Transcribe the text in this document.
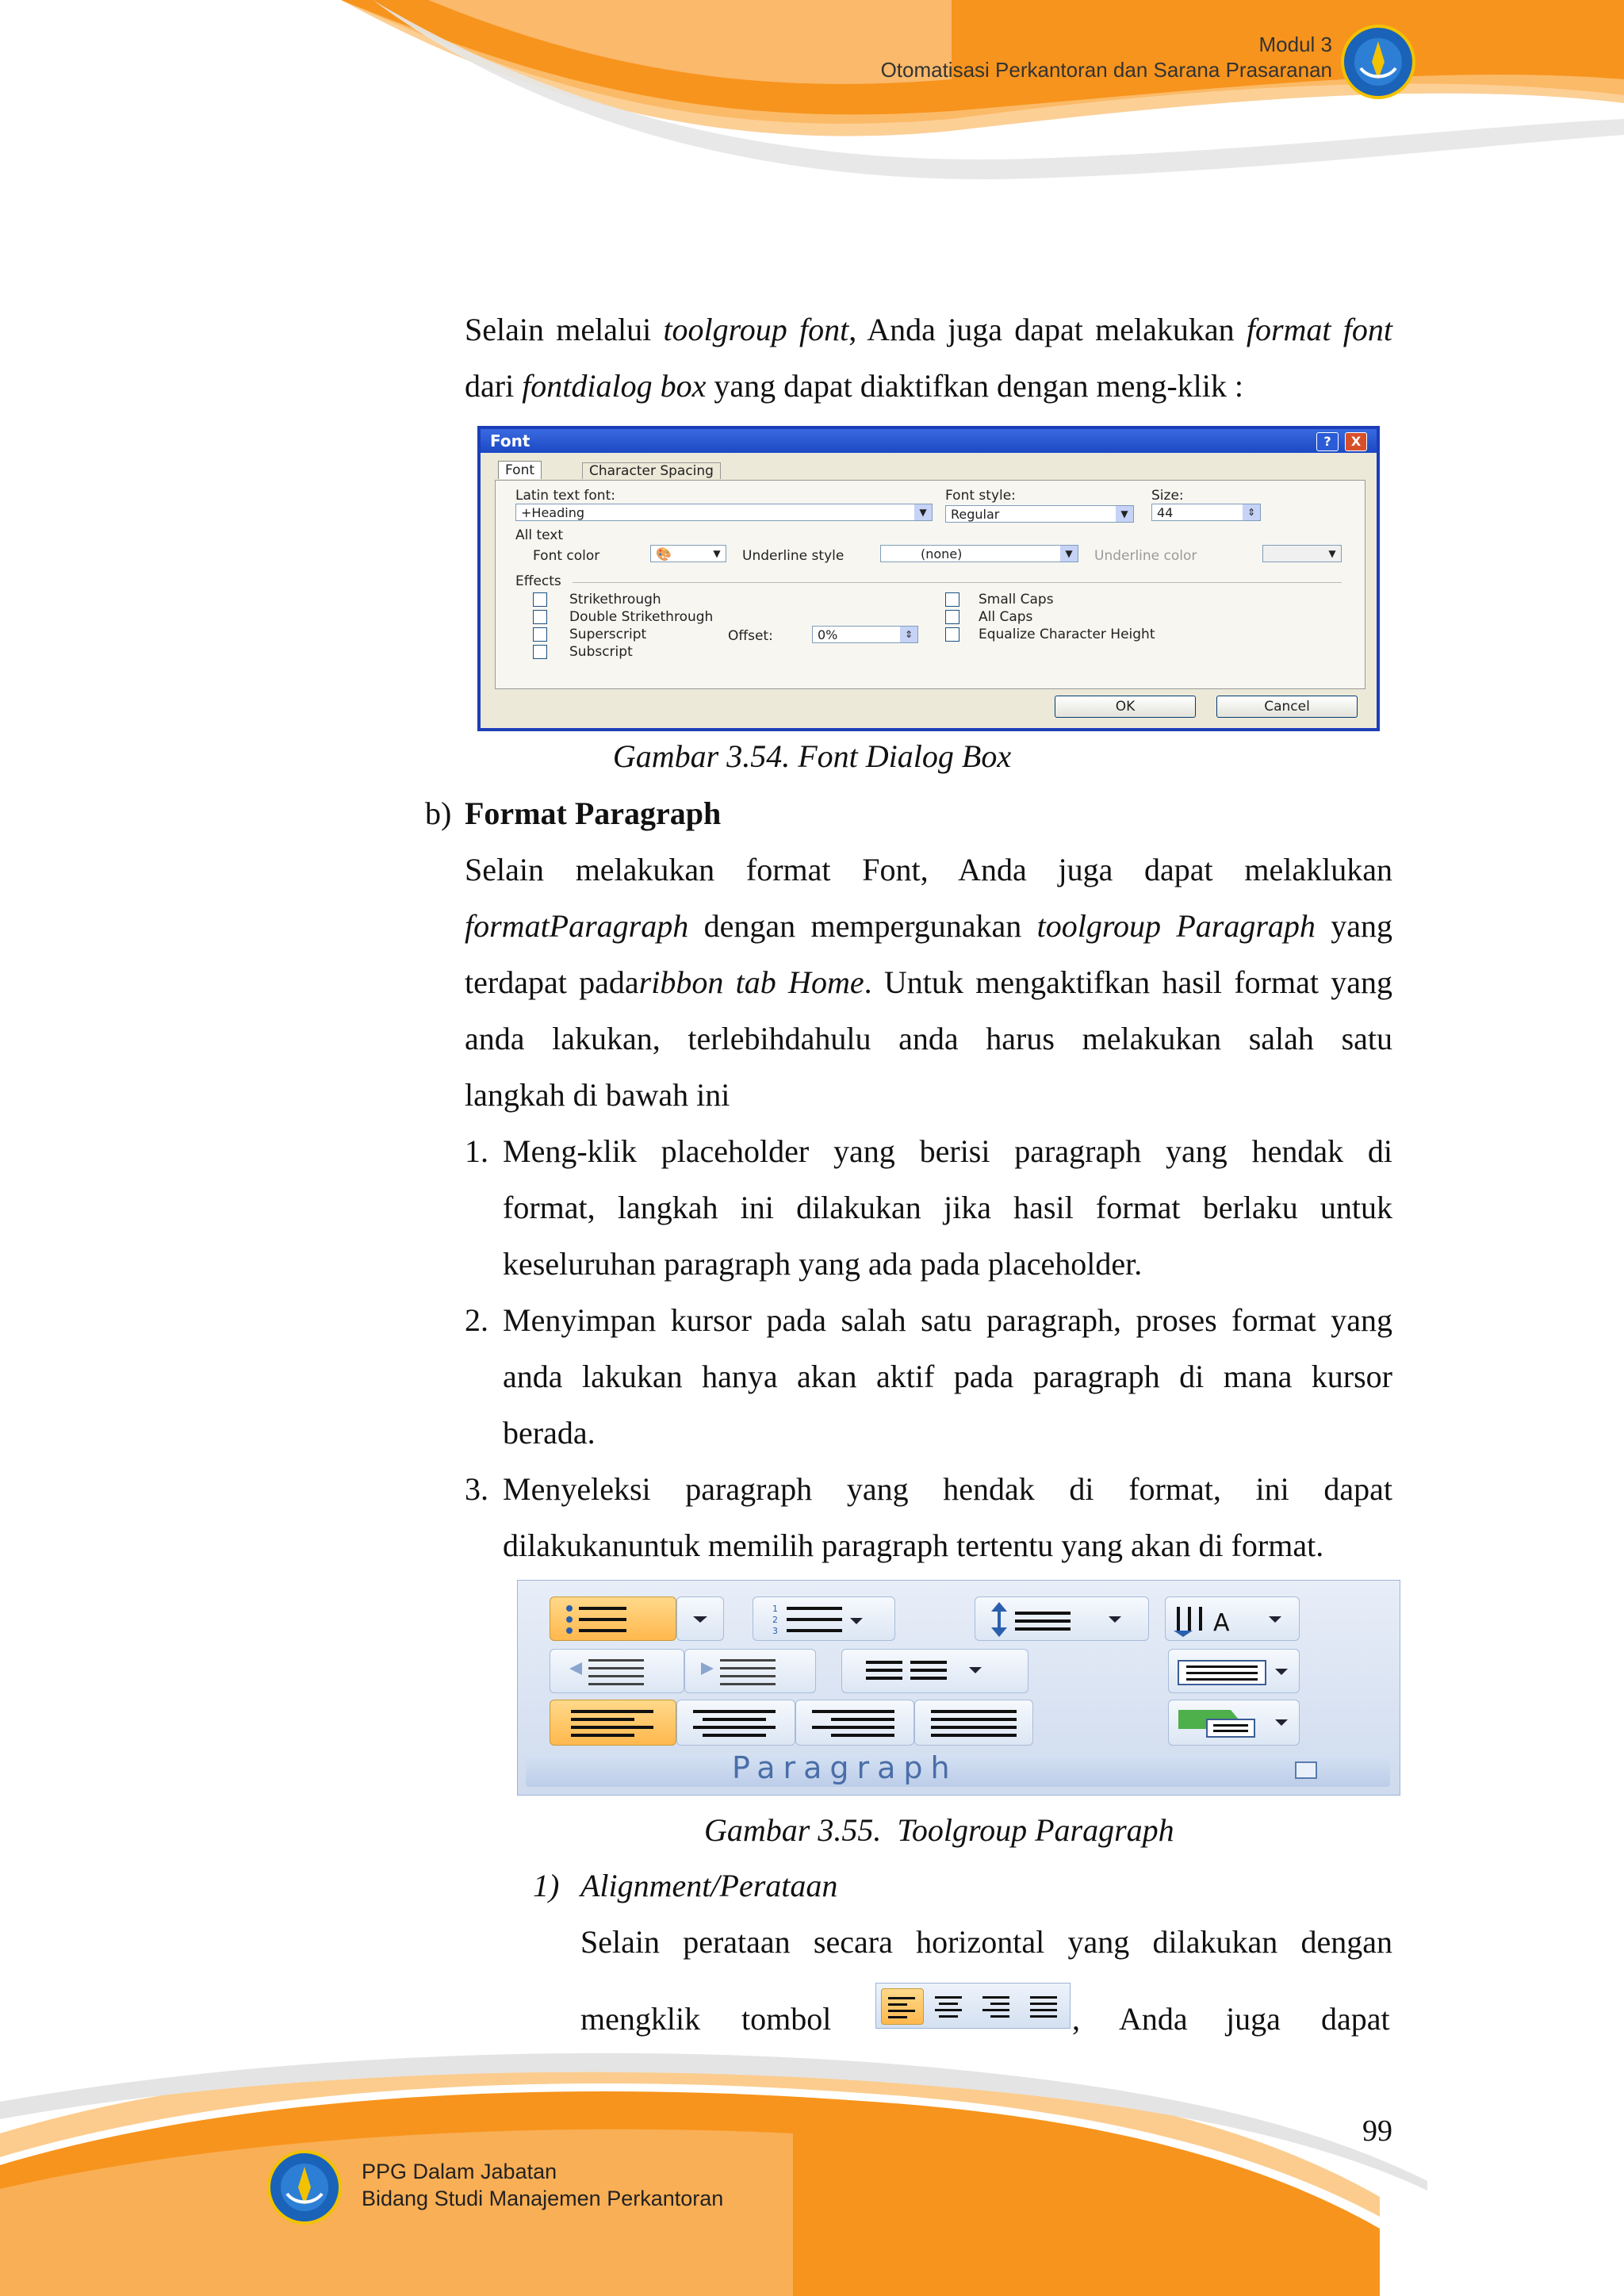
Modul 3
Otomatisasi Perkantoran dan Sarana Prasaranan
Selain melalui toolgroup font, Anda juga dapat melakukan format font
dari fontdialog box yang dapat diaktifkan dengan meng-klik :
Font	?	X
Font	Character Spacing
Latin text font:
+Heading	▼
Font style:
Regular	▼
Size:
44	⇕
All text
Font color	🎨	▼	Underline style	(none)	▼	Underline color	▼
Effects
Strikethrough
Double Strikethrough
Superscript	Offset:	0%	⇕
Subscript
Small Caps
All Caps
Equalize Character Height
OK	Cancel
Gambar 3.54. Font Dialog Box
b) Format Paragraph
Selain melakukan format Font, Anda juga dapat melaklukan
formatParagraph dengan mempergunakan toolgroup Paragraph yang
terdapat padaribbon tab Home. Untuk mengaktifkan hasil format yang
anda lakukan, terlebihdahulu anda harus melakukan salah satu
langkah di bawah ini
1. Meng-klik placeholder yang berisi paragraph yang hendak di
format, langkah ini dilakukan jika hasil format berlaku untuk
keseluruhan paragraph yang ada pada placeholder.
2. Menyimpan kursor pada salah satu paragraph, proses format yang
anda lakukan hanya akan aktif pada paragraph di mana kursor
berada.
3. Menyeleksi paragraph yang hendak di format, ini dapat
dilakukanuntuk memilih paragraph tertentu yang akan di format.
1
2
3	A
Paragraph
Gambar 3.55.  Toolgroup Paragraph
1) Alignment/Perataan
Selain perataan secara horizontal yang dilakukan dengan
mengklik tombol	, Anda juga dapat
PPG Dalam Jabatan
Bidang Studi Manajemen Perkantoran
99
